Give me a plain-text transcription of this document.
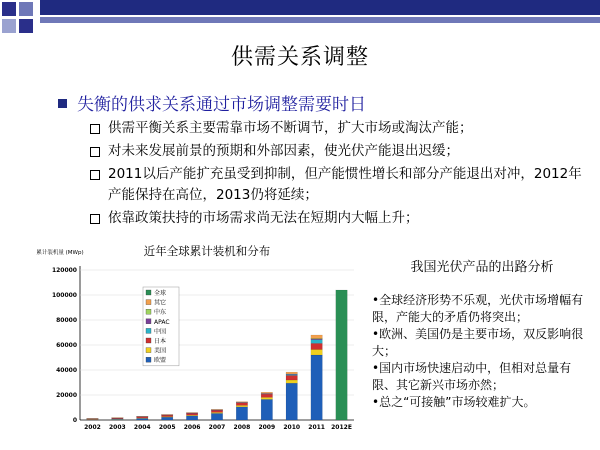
供需关系调整
失衡的供求关系通过市场调整需要时日
供需平衡关系主要需靠市场不断调节，扩大市场或淘汰产能；
对未来发展前景的预期和外部因素，使光伏产能退出迟缓；
2011以后产能扩充虽受到抑制，但产能惯性增长和部分产能退出对冲，2012年产能保持在高位，2013仍将延续；
依靠政策扶持的市场需求尚无法在短期内大幅上升；
近年全球累计装机和分布
累计装机量 (MWp)
0
20000
40000
60000
80000
100000
120000
2002 2003 2004 2005 2006 2007 2008 2009 2010 2011 2012E
全球
其它
中东
APAC
中国
日本
美国
欧盟
我国光伏产品的出路分析
•全球经济形势不乐观，光伏市场增幅有限，产能大的矛盾仍将突出；
•欧洲、美国仍是主要市场，双反影响很大；
•国内市场快速启动中，但相对总量有限、其它新兴市场亦然；
•总之“可接触”市场较难扩大。
